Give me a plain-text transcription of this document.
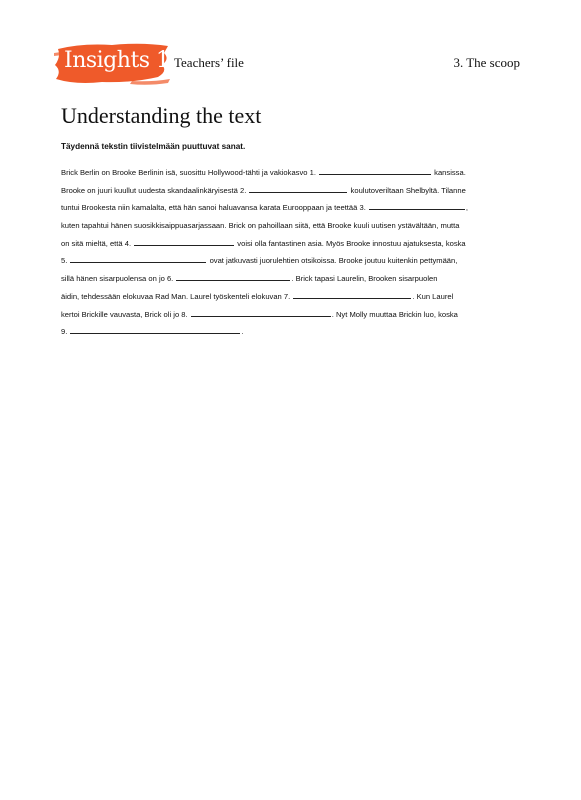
Insights 1 Teachers’ file	3. The scoop
Understanding the text
Täydennä tekstin tiivistelmään puuttuvat sanat.
Brick Berlin on Brooke Berlinin isä, suosittu Hollywood-tähti ja vakiokasvo 1.	kansissa.
Brooke on juuri kuullut uudesta skandaalinkäryisestä 2.	koulutoveriltaan Shelbyltä. Tilanne
tuntui Brookesta niin kamalalta, että hän sanoi haluavansa karata Eurooppaan ja teettää 3.	,
kuten tapahtui hänen suosikkisaippuasarjassaan. Brick on pahoillaan siitä, että Brooke kuuli uutisen ystävältään, mutta
on sitä mieltä, että 4.	voisi olla fantastinen asia. Myös Brooke innostuu ajatuksesta, koska
5.	ovat jatkuvasti juorulehtien otsikoissa. Brooke joutuu kuitenkin pettymään,
sillä hänen sisarpuolensa on jo 6.	. Brick tapasi Laurelin, Brooken sisarpuolen
äidin, tehdessään elokuvaa Rad Man. Laurel työskenteli elokuvan 7.	. Kun Laurel
kertoi Brickille vauvasta, Brick oli jo 8.	. Nyt Molly muuttaa Brickin luo, koska
9.	.
